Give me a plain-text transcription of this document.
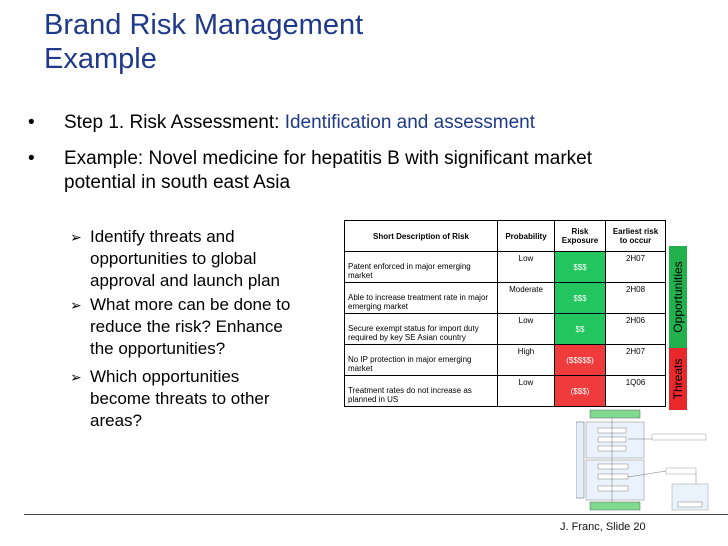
Brand Risk Management
Example
• Step 1. Risk Assessment: Identification and assessment
• Example: Novel medicine for hepatitis B with significant market
potential in south east Asia
➢ Identify threats and
opportunities to global
approval and launch plan
➢ What more can be done to
reduce the risk? Enhance
the opportunities?
➢ Which opportunities
become threats to other
areas?
Short Description of Risk	Probability	Risk Exposure	Earliest risk to occur
Patent enforced in major emerging market	Low	$$$	2H07
Able to increase treatment rate in major emerging market	Moderate	$$$	2H08
Secure exempt status for import duty required by key SE Asian country	Low	$$	2H06
No IP protection in major emerging market	High	($$$$$)	2H07
Treatment rates do not increase as planned in US	Low	($$$)	1Q06
Opportunities
Threats
J. Franc, Slide 20
